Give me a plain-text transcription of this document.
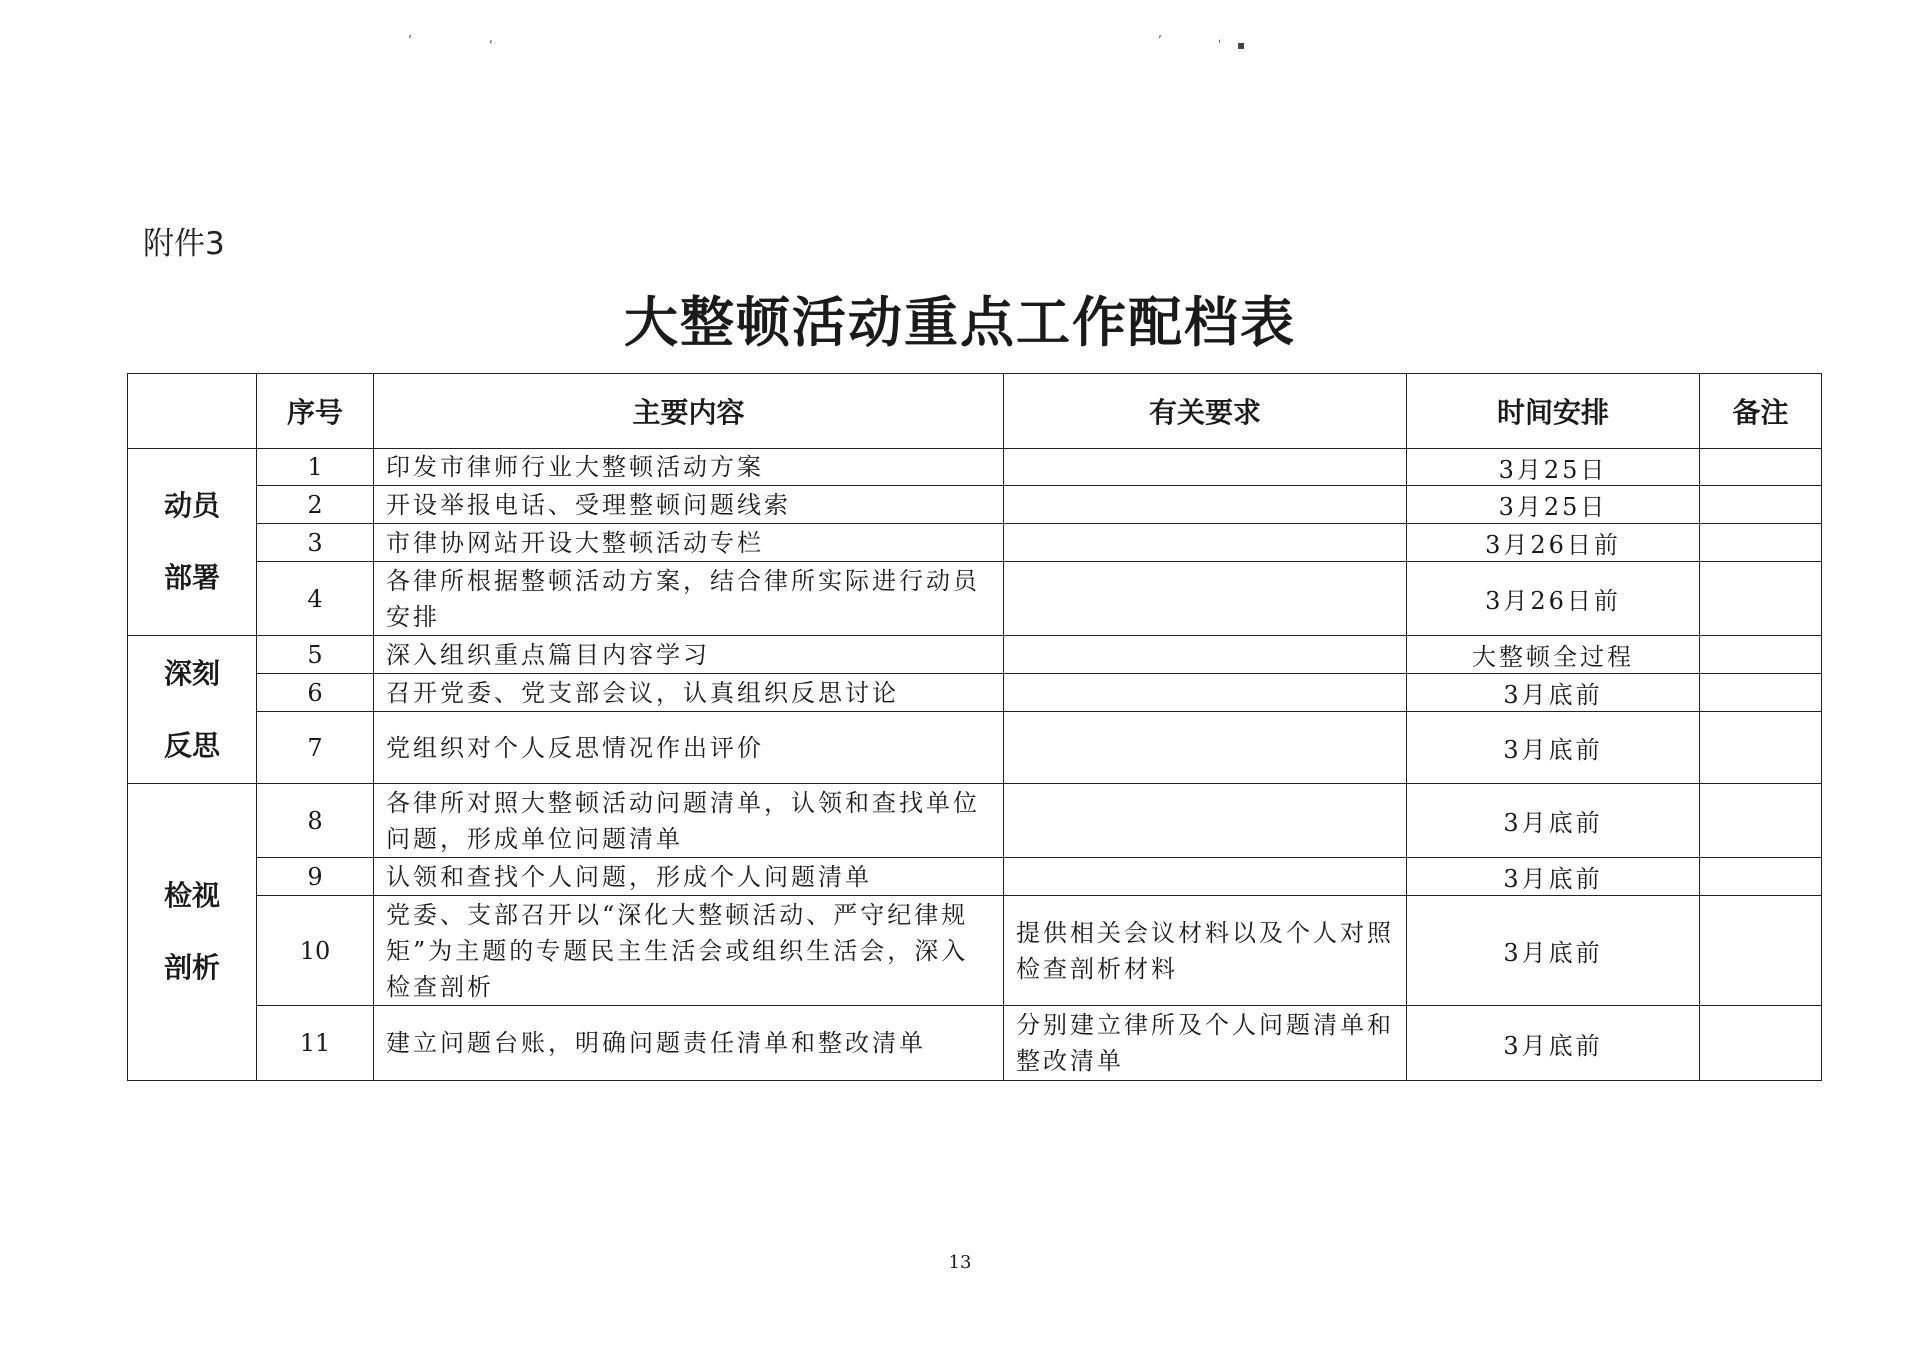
ʼ	ʻ	ʼ	ˈ ▪
附件3
大整顿活动重点工作配档表
	序号	主要内容	有关要求	时间安排	备注

动员
部署	1	印发市律师行业大整顿活动方案		3月25日	
	2	开设举报电话、受理整顿问题线索		3月25日	
	3	市律协网站开设大整顿活动专栏		3月26日前	
	4	各律所根据整顿活动方案，结合律所实际进行动员安排		3月26日前	

深刻
反思	5	深入组织重点篇目内容学习		大整顿全过程	
	6	召开党委、党支部会议，认真组织反思讨论		3月底前	
	7	党组织对个人反思情况作出评价		3月底前	

检视
剖析	8	各律所对照大整顿活动问题清单，认领和查找单位问题，形成单位问题清单		3月底前	
	9	认领和查找个人问题，形成个人问题清单		3月底前	
	10	党委、支部召开以“深化大整顿活动、严守纪律规矩”为主题的专题民主生活会或组织生活会，深入检查剖析	提供相关会议材料以及个人对照检查剖析材料	3月底前	
	11	建立问题台账，明确问题责任清单和整改清单	分别建立律所及个人问题清单和整改清单	3月底前	
13
